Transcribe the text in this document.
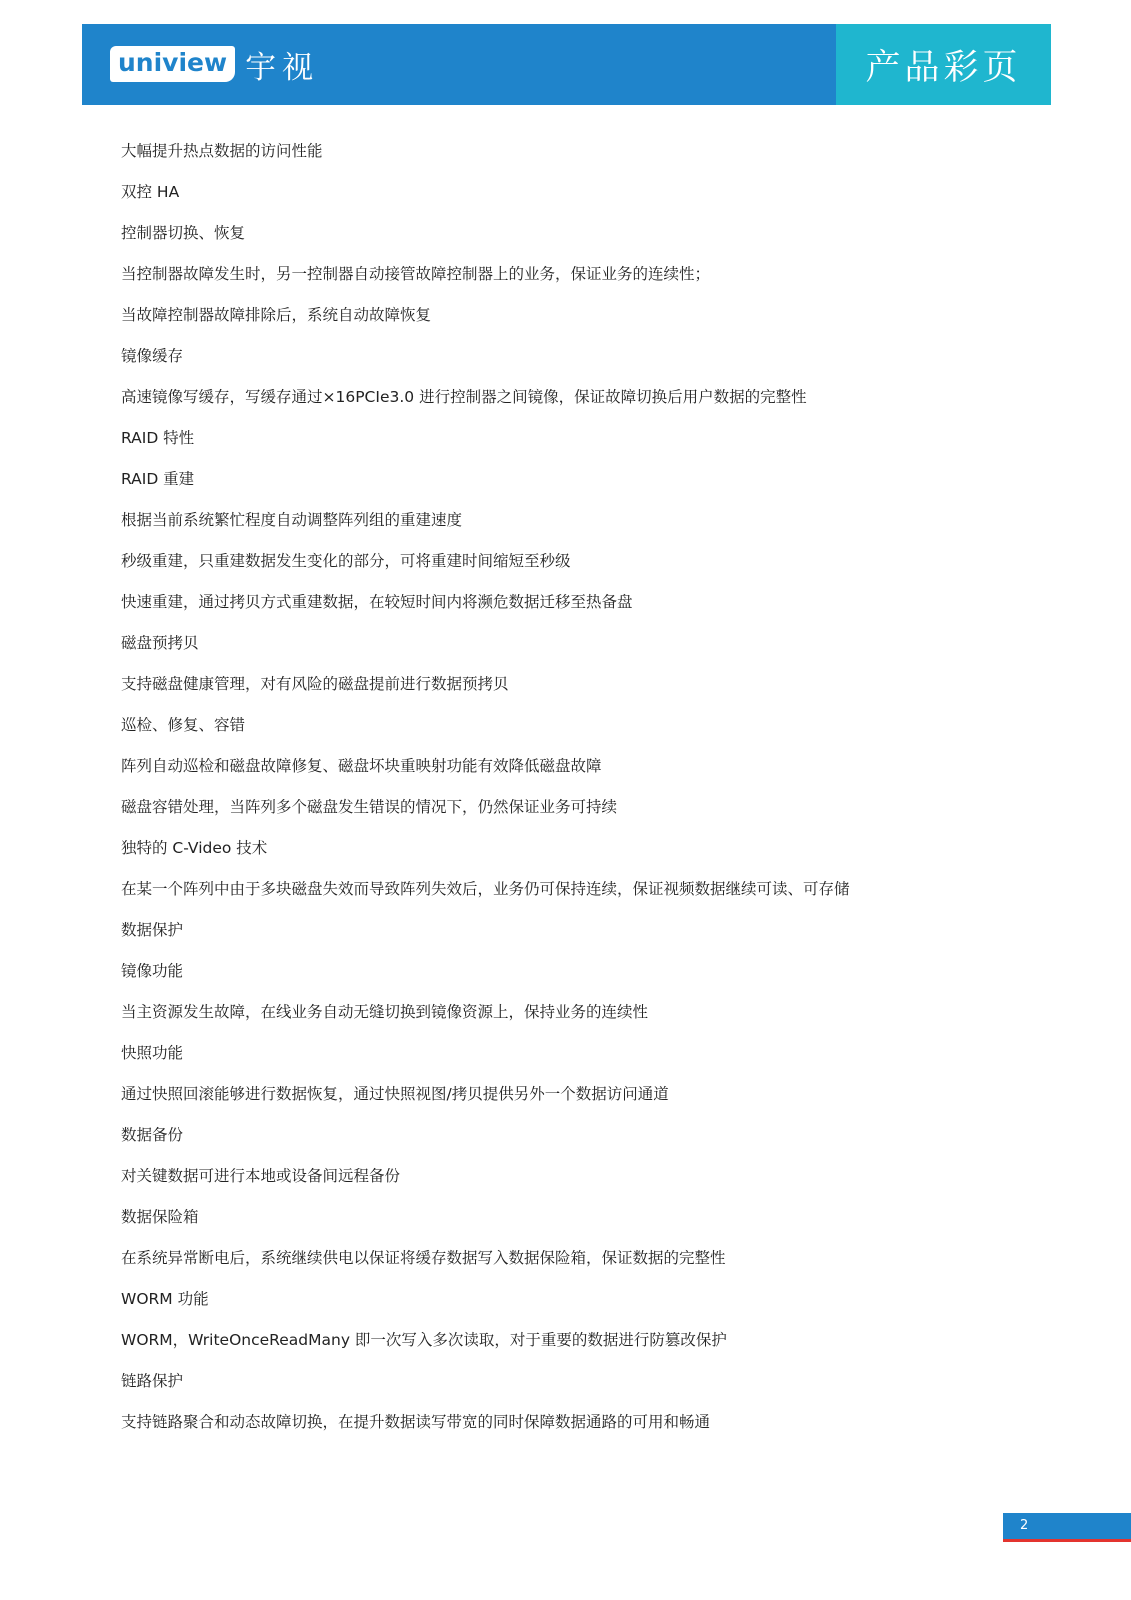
uniview 宇视	产品彩页
大幅提升热点数据的访问性能
双控 HA
控制器切换、恢复
当控制器故障发生时，另一控制器自动接管故障控制器上的业务，保证业务的连续性；
当故障控制器故障排除后，系统自动故障恢复
镜像缓存
高速镜像写缓存，写缓存通过×16PCIe3.0 进行控制器之间镜像，保证故障切换后用户数据的完整性
RAID 特性
RAID 重建
根据当前系统繁忙程度自动调整阵列组的重建速度
秒级重建，只重建数据发生变化的部分，可将重建时间缩短至秒级
快速重建，通过拷贝方式重建数据，在较短时间内将濒危数据迁移至热备盘
磁盘预拷贝
支持磁盘健康管理，对有风险的磁盘提前进行数据预拷贝
巡检、修复、容错
阵列自动巡检和磁盘故障修复、磁盘坏块重映射功能有效降低磁盘故障
磁盘容错处理，当阵列多个磁盘发生错误的情况下，仍然保证业务可持续
独特的 C-Video 技术
在某一个阵列中由于多块磁盘失效而导致阵列失效后，业务仍可保持连续，保证视频数据继续可读、可存储
数据保护
镜像功能
当主资源发生故障，在线业务自动无缝切换到镜像资源上，保持业务的连续性
快照功能
通过快照回滚能够进行数据恢复，通过快照视图/拷贝提供另外一个数据访问通道
数据备份
对关键数据可进行本地或设备间远程备份
数据保险箱
在系统异常断电后，系统继续供电以保证将缓存数据写入数据保险箱，保证数据的完整性
WORM 功能
WORM，WriteOnceReadMany 即一次写入多次读取，对于重要的数据进行防篡改保护
链路保护
支持链路聚合和动态故障切换，在提升数据读写带宽的同时保障数据通路的可用和畅通
2
